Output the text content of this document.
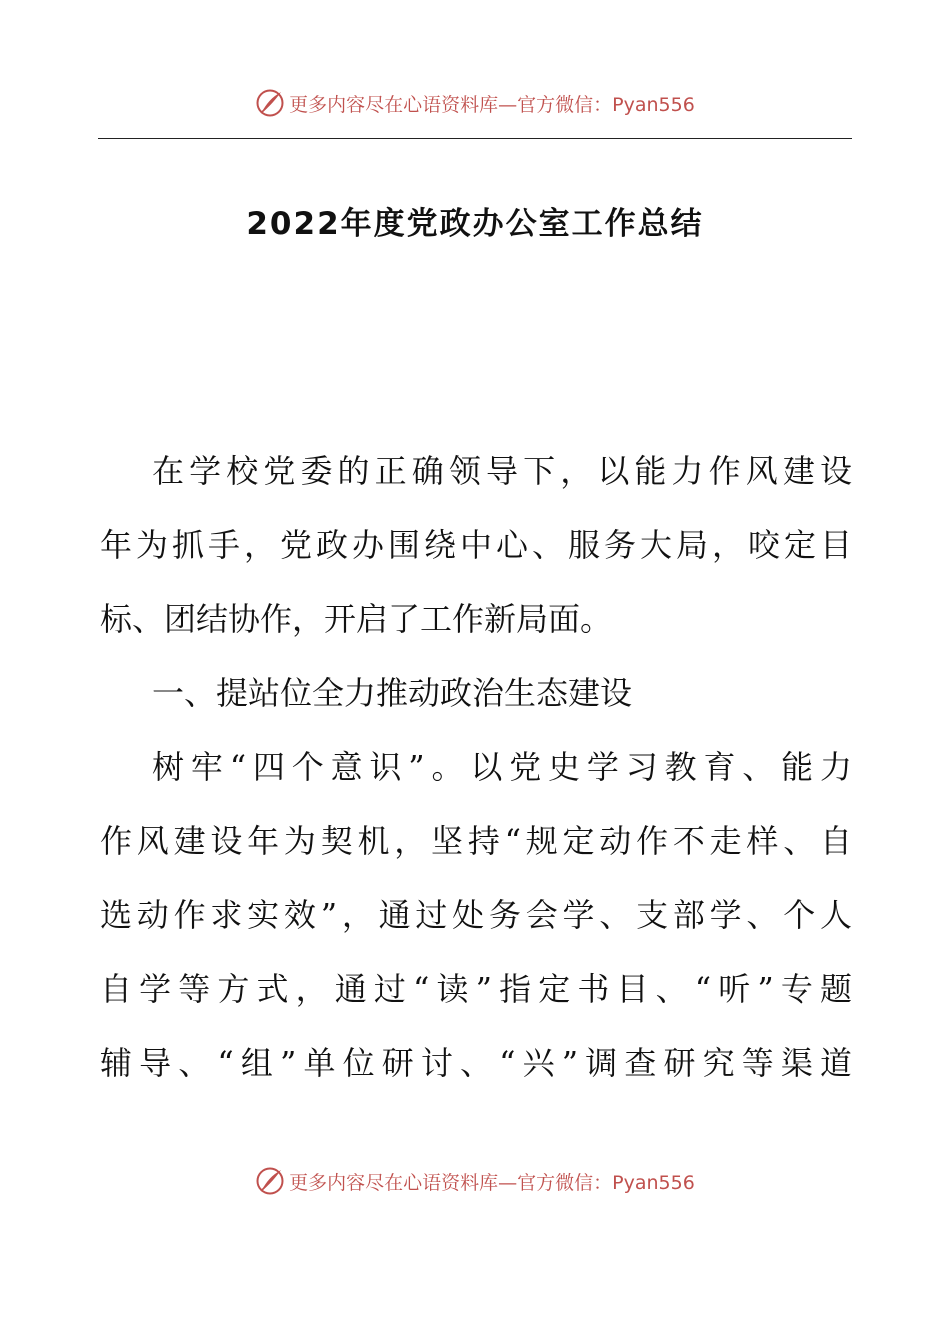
更多内容尽在心语资料库—官方微信：Pyan556
2022年度党政办公室工作总结
在学校党委的正确领导下，以能力作风建设
年为抓手，党政办围绕中心、服务大局，咬定目
标、团结协作，开启了工作新局面。
一、提站位全力推动政治生态建设
树牢“四个意识”。以党史学习教育、能力
作风建设年为契机，坚持“规定动作不走样、自
选动作求实效”，通过处务会学、支部学、个人
自学等方式，通过“读”指定书目、“听”专题
辅导、“组”单位研讨、“兴”调查研究等渠道
更多内容尽在心语资料库—官方微信：Pyan556
